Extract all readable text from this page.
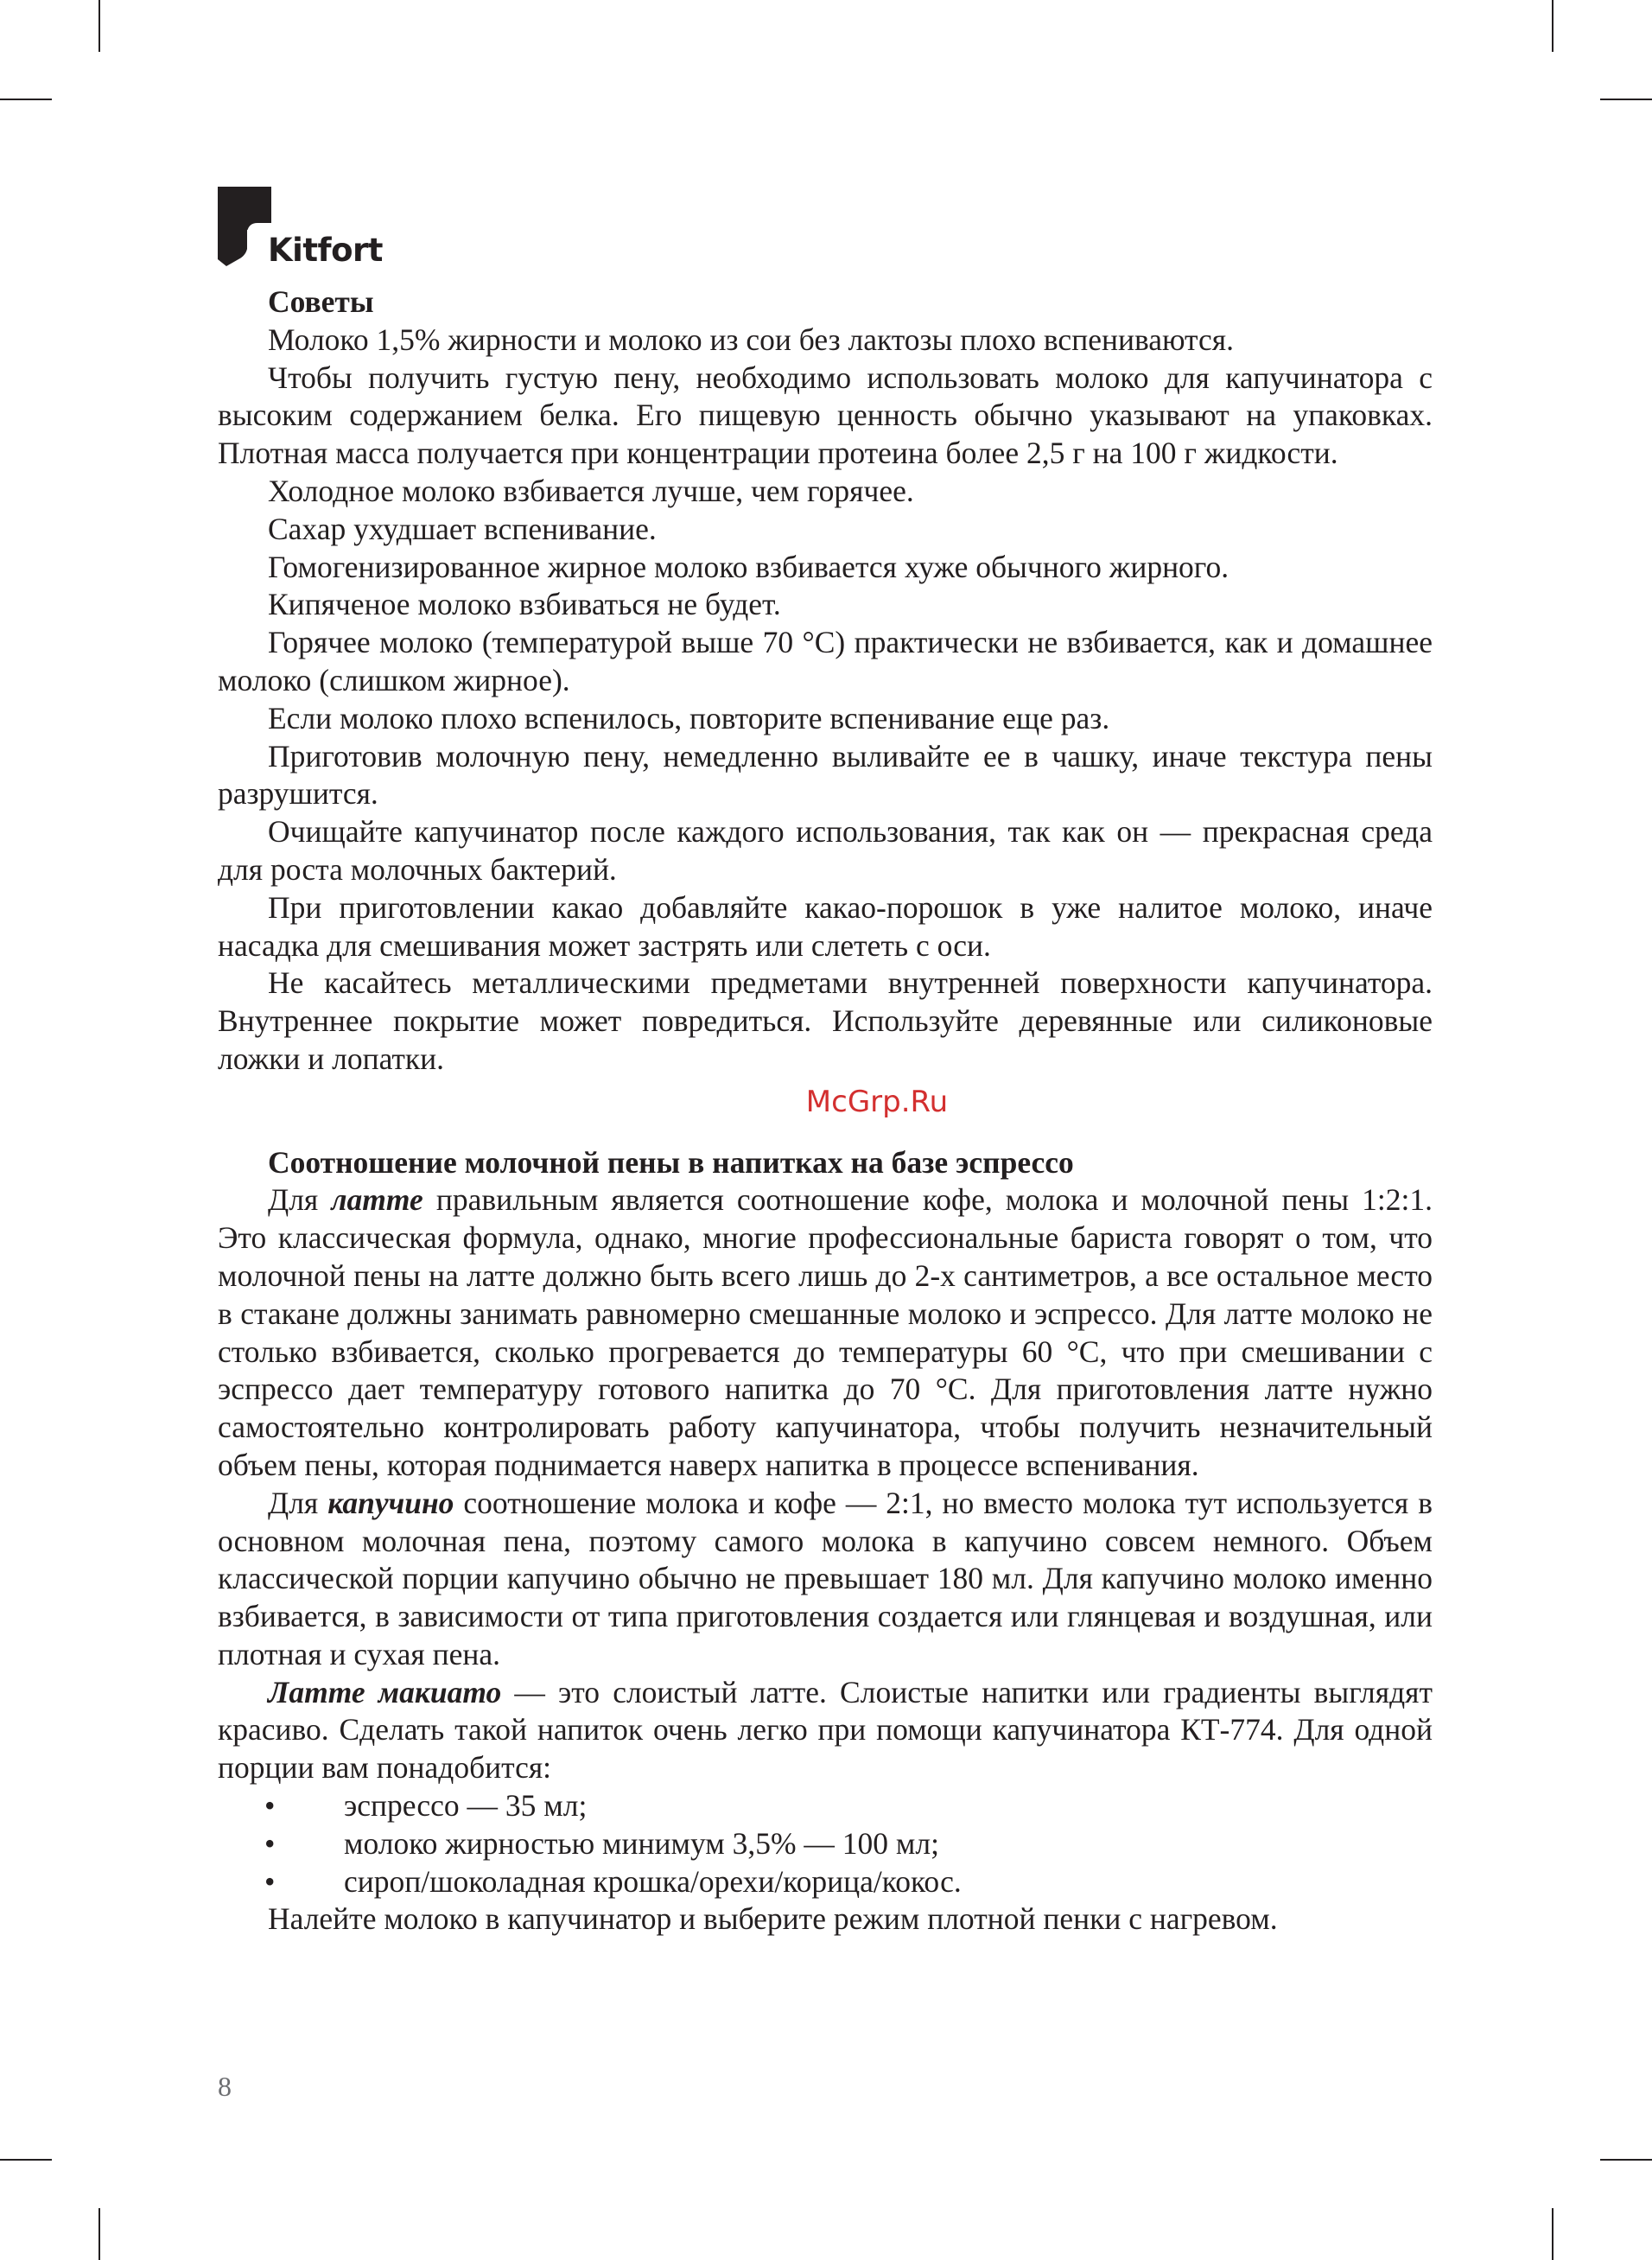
Kitfort
Советы

Молоко 1,5% жирности и молоко из сои без лактозы плохо вспениваются.

Чтобы получить густую пену, необходимо использовать молоко для капучинатора с высоким содержанием белка. Его пищевую ценность обычно указывают на упаковках. Плотная масса получается при концентрации протеина более 2,5 г на 100 г жидкости.

Холодное молоко взбивается лучше, чем горячее.

Сахар ухудшает вспенивание.

Гомогенизированное жирное молоко взбивается хуже обычного жирного.

Кипяченое молоко взбиваться не будет.

Горячее молоко (температурой выше 70 °C) практически не взбивается, как и домашнее молоко (слишком жирное).

Если молоко плохо вспенилось, повторите вспенивание еще раз.

Приготовив молочную пену, немедленно выливайте ее в чашку, иначе текстура пены разрушится.

Очищайте капучинатор после каждого использования, так как он — прекрасная среда для роста молочных бактерий.

При приготовлении какао добавляйте какао-порошок в уже налитое молоко, иначе насадка для смешивания может застрять или слететь с оси.

Не касайтесь металлическими предметами внутренней поверхности капучинатора. Внутреннее покрытие может повредиться. Используйте деревянные или силиконовые ложки и лопатки.

McGrp.Ru
Соотношение молочной пены в напитках на базе эспрессо

Для латте правильным является соотношение кофе, молока и молочной пены 1:2:1. Это классическая формула, однако, многие профессиональные бариста говорят о том, что молочной пены на латте должно быть всего лишь до 2-х сантиметров, а все остальное место в стакане должны занимать равномерно смешанные молоко и эспрессо. Для латте молоко не столько взбивается, сколько прогревается до температуры 60 °C, что при смешивании с эспрессо дает температуру готового напитка до 70 °C. Для приготовления латте нужно самостоятельно контролировать работу капучинатора, чтобы получить незначительный объем пены, которая поднимается наверх напитка в процессе вспенивания.

Для капучино соотношение молока и кофе — 2:1, но вместо молока тут используется в основном молочная пена, поэтому самого молока в капучино совсем немного. Объем классической порции капучино обычно не превышает 180 мл. Для капучино молоко именно взбивается, в зависимости от типа приготовления создается или глянцевая и воздушная, или плотная и сухая пена.

Латте макиато — это слоистый латте. Слоистые напитки или градиенты выглядят красиво. Сделать такой напиток очень легко при помощи капучинатора КТ-774. Для одной порции вам понадобится:

• эспрессо — 35 мл;
• молоко жирностью минимум 3,5% — 100 мл;
• сироп/шоколадная крошка/орехи/корица/кокос.

Налейте молоко в капучинатор и выберите режим плотной пенки с нагревом.

8
